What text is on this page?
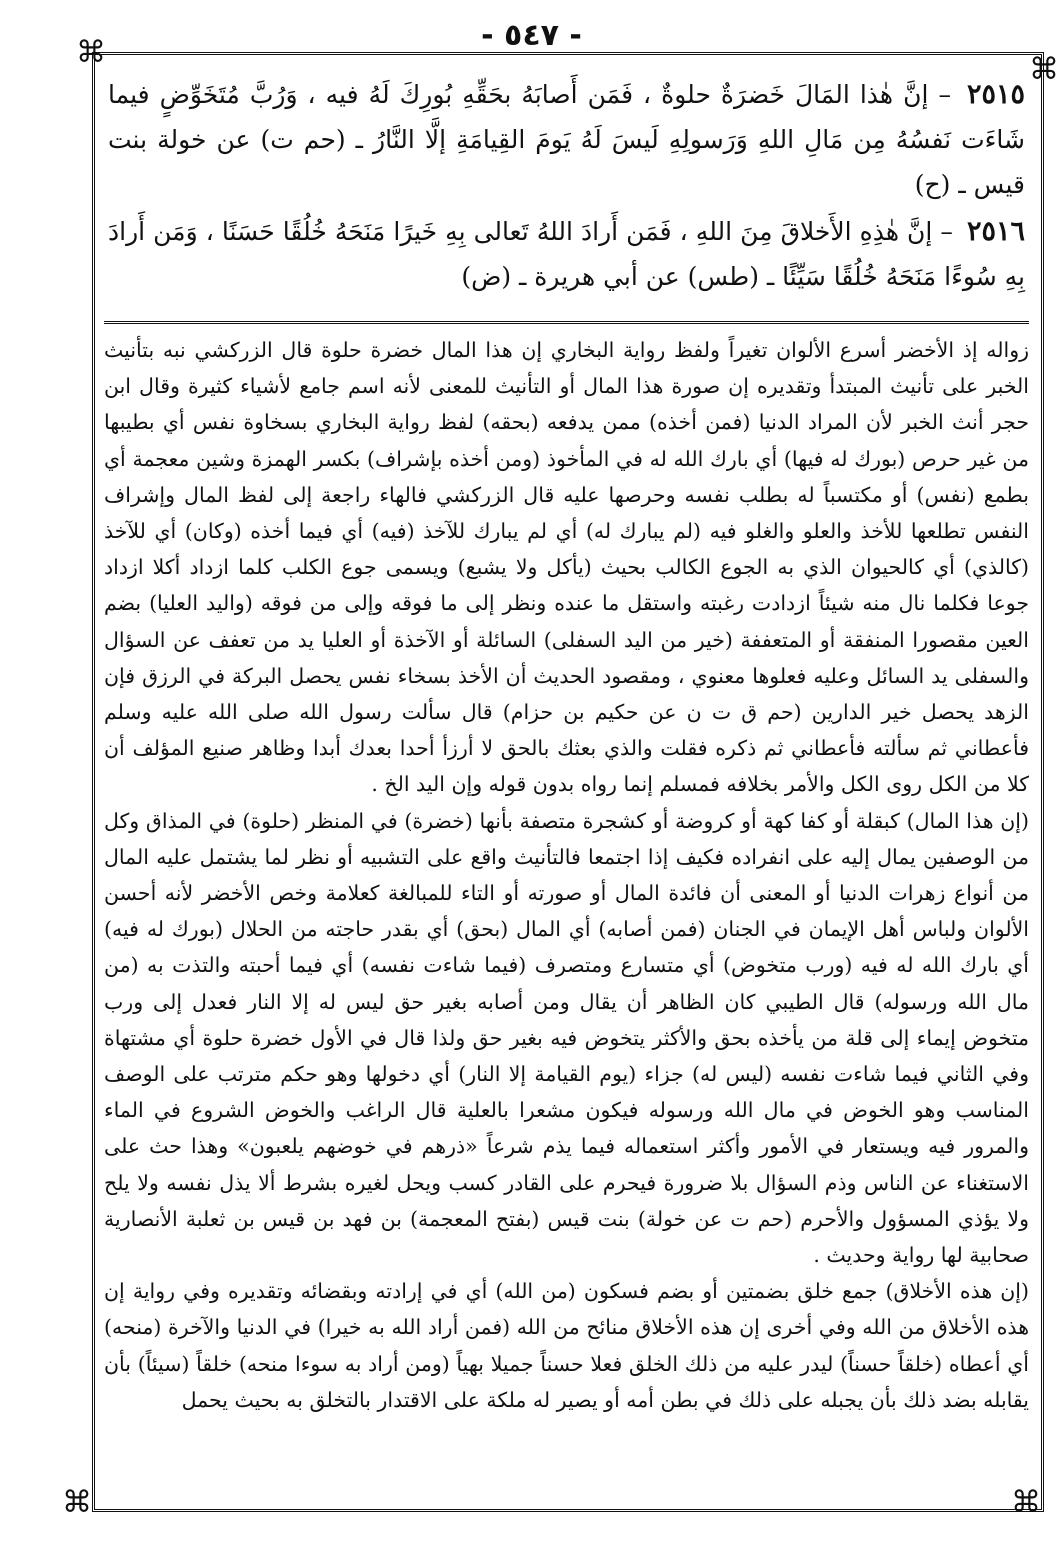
- ٥٤٧ -
⌘	⌘
⌘	⌘

٢٥١٥ – إنَّ هٰذا المَالَ خَضرَةٌ حلوةٌ ، فَمَن أَصابَهُ بحَقِّهِ بُورِكَ لَهُ فيه ، وَرُبَّ مُتَخَوِّضٍ فيما شَاءَت نَفسُهُ مِن مَالِ اللهِ وَرَسولِهِ لَيسَ لَهُ يَومَ القِيامَةِ إلَّا النَّارُ ـ (حم ت) عن خولة بنت قيس ـ (ح)

٢٥١٦ – إنَّ هٰذِهِ الأَخلاقَ مِنَ اللهِ ، فَمَن أَرادَ اللهُ تَعالى بِهِ خَيرًا مَنَحَهُ خُلُقًا حَسَنًا ، وَمَن أَرادَ بِهِ سُوءًا مَنَحَهُ خُلُقًا سَيِّئًا ـ (طس) عن أبي هريرة ـ (ض)

زواله إذ الأخضر أسرع الألوان تغيراً ولفظ رواية البخاري إن هذا المال خضرة حلوة قال الزركشي نبه بتأنيث الخبر على تأنيث المبتدأ وتقديره إن صورة هذا المال أو التأنيث للمعنى لأنه اسم جامع لأشياء كثيرة وقال ابن حجر أنث الخبر لأن المراد الدنيا (فمن أخذه) ممن يدفعه (بحقه) لفظ رواية البخاري بسخاوة نفس أي بطيبها من غير حرص (بورك له فيها) أي بارك الله له في المأخوذ (ومن أخذه بإشراف) بكسر الهمزة وشين معجمة أي بطمع (نفس) أو مكتسباً له بطلب نفسه وحرصها عليه قال الزركشي فالهاء راجعة إلى لفظ المال وإشراف النفس تطلعها للأخذ والعلو والغلو فيه (لم يبارك له) أي لم يبارك للآخذ (فيه) أي فيما أخذه (وكان) أي للآخذ (كالذي) أي كالحيوان الذي به الجوع الكالب بحيث (يأكل ولا يشبع) ويسمى جوع الكلب كلما ازداد أكلا ازداد جوعا فكلما نال منه شيئاً ازدادت رغبته واستقل ما عنده ونظر إلى ما فوقه وإلى من فوقه (واليد العليا) بضم العين مقصورا المنفقة أو المتعففة (خير من اليد السفلى) السائلة أو الآخذة أو العليا يد من تعفف عن السؤال والسفلى يد السائل وعليه فعلوها معنوي ، ومقصود الحديث أن الأخذ بسخاء نفس يحصل البركة في الرزق فإن الزهد يحصل خير الدارين (حم ق ت ن عن حكيم بن حزام) قال سألت رسول الله صلى الله عليه وسلم فأعطاني ثم سألته فأعطاني ثم ذكره فقلت والذي بعثك بالحق لا أرزأ أحدا بعدك أبدا وظاهر صنيع المؤلف أن كلا من الكل روى الكل والأمر بخلافه فمسلم إنما رواه بدون قوله وإن اليد الخ .

(إن هذا المال) كبقلة أو كفا كهة أو كروضة أو كشجرة متصفة بأنها (خضرة) في المنظر (حلوة) في المذاق وكل من الوصفين يمال إليه على انفراده فكيف إذا اجتمعا فالتأنيث واقع على التشبيه أو نظر لما يشتمل عليه المال من أنواع زهرات الدنيا أو المعنى أن فائدة المال أو صورته أو التاء للمبالغة كعلامة وخص الأخضر لأنه أحسن الألوان ولباس أهل الإيمان في الجنان (فمن أصابه) أي المال (بحق) أي بقدر حاجته من الحلال (بورك له فيه) أي بارك الله له فيه (ورب متخوض) أي متسارع ومتصرف (فيما شاءت نفسه) أي فيما أحبته والتذت به (من مال الله ورسوله) قال الطيبي كان الظاهر أن يقال ومن أصابه بغير حق ليس له إلا النار فعدل إلى ورب متخوض إيماء إلى قلة من يأخذه بحق والأكثر يتخوض فيه بغير حق ولذا قال في الأول خضرة حلوة أي مشتهاة وفي الثاني فيما شاءت نفسه (ليس له) جزاء (يوم القيامة إلا النار) أي دخولها وهو حكم مترتب على الوصف المناسب وهو الخوض في مال الله ورسوله فيكون مشعرا بالعلية قال الراغب والخوض الشروع في الماء والمرور فيه ويستعار في الأمور وأكثر استعماله فيما يذم شرعاً «ذرهم في خوضهم يلعبون» وهذا حث على الاستغناء عن الناس وذم السؤال بلا ضرورة فيحرم على القادر كسب ويحل لغيره بشرط ألا يذل نفسه ولا يلح ولا يؤذي المسؤول والأحرم (حم ت عن خولة) بنت قيس (بفتح المعجمة) بن فهد بن قيس بن ثعلبة الأنصارية صحابية لها رواية وحديث .

(إن هذه الأخلاق) جمع خلق بضمتين أو بضم فسكون (من الله) أي في إرادته وبقضائه وتقديره وفي رواية إن هذه الأخلاق من الله وفي أخرى إن هذه الأخلاق منائح من الله (فمن أراد الله به خيرا) في الدنيا والآخرة (منحه) أي أعطاه (خلقاً حسناً) ليدر عليه من ذلك الخلق فعلا حسناً جميلا بهياً (ومن أراد به سوءا منحه) خلقاً (سيئاً) بأن يقابله بضد ذلك بأن يجبله على ذلك في بطن أمه أو يصير له ملكة على الاقتدار بالتخلق به بحيث يحمل
